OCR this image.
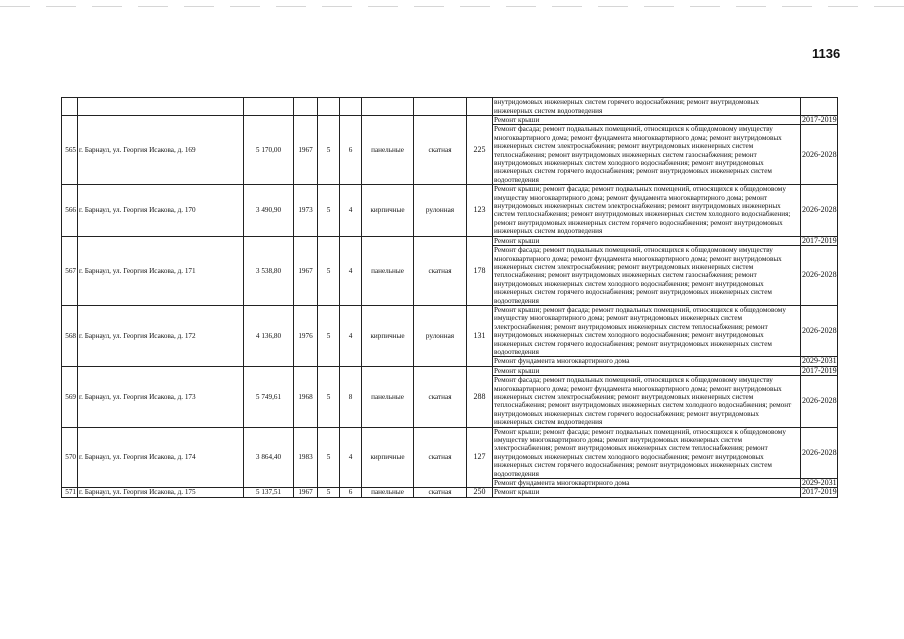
1136
									внутридомовых инженерных систем горячего водоснабжения; ремонт внутридомовых инженерных систем водоотведения	
565	г. Барнаул, ул. Георгия Исакова, д. 169	5 170,00	1967	5	6	панельные	скатная	225	Ремонт крыши	2017-2019
									Ремонт фасада; ремонт подвальных помещений, относящихся к общедомовому имуществу многоквартирного дома; ремонт фундамента многоквартирного дома; ремонт внутридомовых инженерных систем электроснабжения; ремонт внутридомовых инженерных систем теплоснабжения; ремонт внутридомовых инженерных систем газоснабжения; ремонт внутридомовых инженерных систем холодного водоснабжения; ремонт внутридомовых инженерных систем горячего водоснабжения; ремонт внутридомовых инженерных систем водоотведения	2026-2028
566	г. Барнаул, ул. Георгия Исакова, д. 170	3 490,90	1973	5	4	кирпичные	рулонная	123	Ремонт крыши; ремонт фасада; ремонт подвальных помещений, относящихся к общедомовому имуществу многоквартирного дома; ремонт фундамента многоквартирного дома; ремонт внутридомовых инженерных систем электроснабжения; ремонт внутридомовых инженерных систем теплоснабжения; ремонт внутридомовых инженерных систем холодного водоснабжения; ремонт внутридомовых инженерных систем горячего водоснабжения; ремонт внутридомовых инженерных систем водоотведения	2026-2028
567	г. Барнаул, ул. Георгия Исакова, д. 171	3 538,80	1967	5	4	панельные	скатная	178	Ремонт крыши	2017-2019
									Ремонт фасада; ремонт подвальных помещений, относящихся к общедомовому имуществу многоквартирного дома; ремонт фундамента многоквартирного дома; ремонт внутридомовых инженерных систем электроснабжения; ремонт внутридомовых инженерных систем теплоснабжения; ремонт внутридомовых инженерных систем газоснабжения; ремонт внутридомовых инженерных систем холодного водоснабжения; ремонт внутридомовых инженерных систем горячего водоснабжения; ремонт внутридомовых инженерных систем водоотведения	2026-2028
568	г. Барнаул, ул. Георгия Исакова, д. 172	4 136,80	1976	5	4	кирпичные	рулонная	131	Ремонт крыши; ремонт фасада; ремонт подвальных помещений, относящихся к общедомовому имуществу многоквартирного дома; ремонт внутридомовых инженерных систем электроснабжения; ремонт внутридомовых инженерных систем теплоснабжения; ремонт внутридомовых инженерных систем холодного водоснабжения; ремонт внутридомовых инженерных систем горячего водоснабжения; ремонт внутридомовых инженерных систем водоотведения	2026-2028
									Ремонт фундамента многоквартирного дома	2029-2031
569	г. Барнаул, ул. Георгия Исакова, д. 173	5 749,61	1968	5	8	панельные	скатная	288	Ремонт крыши	2017-2019
									Ремонт фасада; ремонт подвальных помещений, относящихся к общедомовому имуществу многоквартирного дома; ремонт фундамента многоквартирного дома; ремонт внутридомовых инженерных систем электроснабжения; ремонт внутридомовых инженерных систем теплоснабжения; ремонт внутридомовых инженерных систем холодного водоснабжения; ремонт внутридомовых инженерных систем горячего водоснабжения; ремонт внутридомовых инженерных систем водоотведения	2026-2028
570	г. Барнаул, ул. Георгия Исакова, д. 174	3 864,40	1983	5	4	кирпичные	скатная	127	Ремонт крыши; ремонт фасада; ремонт подвальных помещений, относящихся к общедомовому имуществу многоквартирного дома; ремонт внутридомовых инженерных систем электроснабжения; ремонт внутридомовых инженерных систем теплоснабжения; ремонт внутридомовых инженерных систем холодного водоснабжения; ремонт внутридомовых инженерных систем горячего водоснабжения; ремонт внутридомовых инженерных систем водоотведения	2026-2028
									Ремонт фундамента многоквартирного дома	2029-2031
571	г. Барнаул, ул. Георгия Исакова, д. 175	5 137,51	1967	5	6	панельные	скатная	250	Ремонт крыши	2017-2019
